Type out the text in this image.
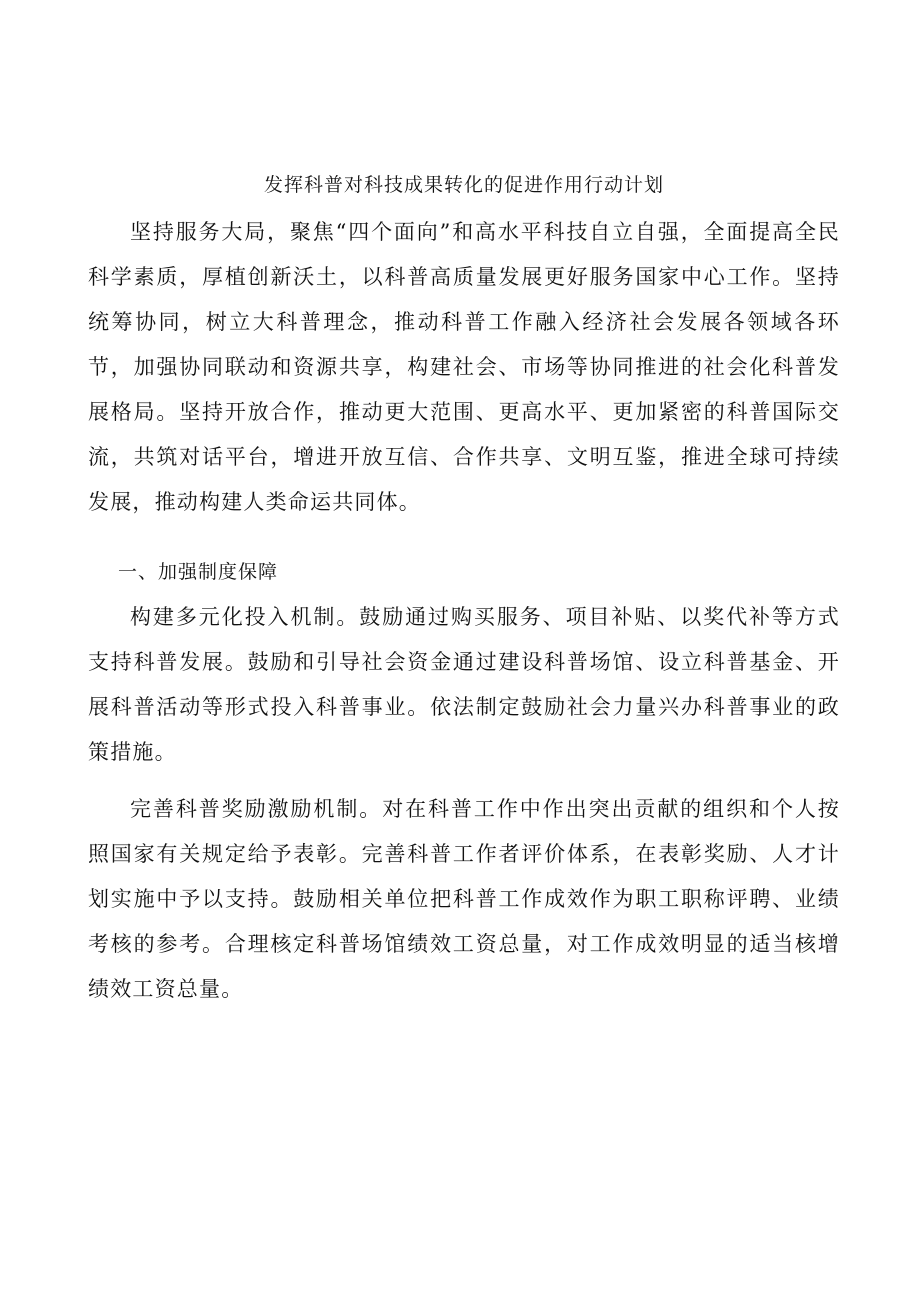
发挥科普对科技成果转化的促进作用行动计划

坚持服务大局，聚焦“四个面向”和高水平科技自立自强，全面提高全民科学素质，厚植创新沃土，以科普高质量发展更好服务国家中心工作。坚持统筹协同，树立大科普理念，推动科普工作融入经济社会发展各领域各环节，加强协同联动和资源共享，构建社会、市场等协同推进的社会化科普发展格局。坚持开放合作，推动更大范围、更高水平、更加紧密的科普国际交流，共筑对话平台，增进开放互信、合作共享、文明互鉴，推进全球可持续发展，推动构建人类命运共同体。

一、加强制度保障

构建多元化投入机制。鼓励通过购买服务、项目补贴、以奖代补等方式支持科普发展。鼓励和引导社会资金通过建设科普场馆、设立科普基金、开展科普活动等形式投入科普事业。依法制定鼓励社会力量兴办科普事业的政策措施。

完善科普奖励激励机制。对在科普工作中作出突出贡献的组织和个人按照国家有关规定给予表彰。完善科普工作者评价体系，在表彰奖励、人才计划实施中予以支持。鼓励相关单位把科普工作成效作为职工职称评聘、业绩考核的参考。合理核定科普场馆绩效工资总量，对工作成效明显的适当核增绩效工资总量。
